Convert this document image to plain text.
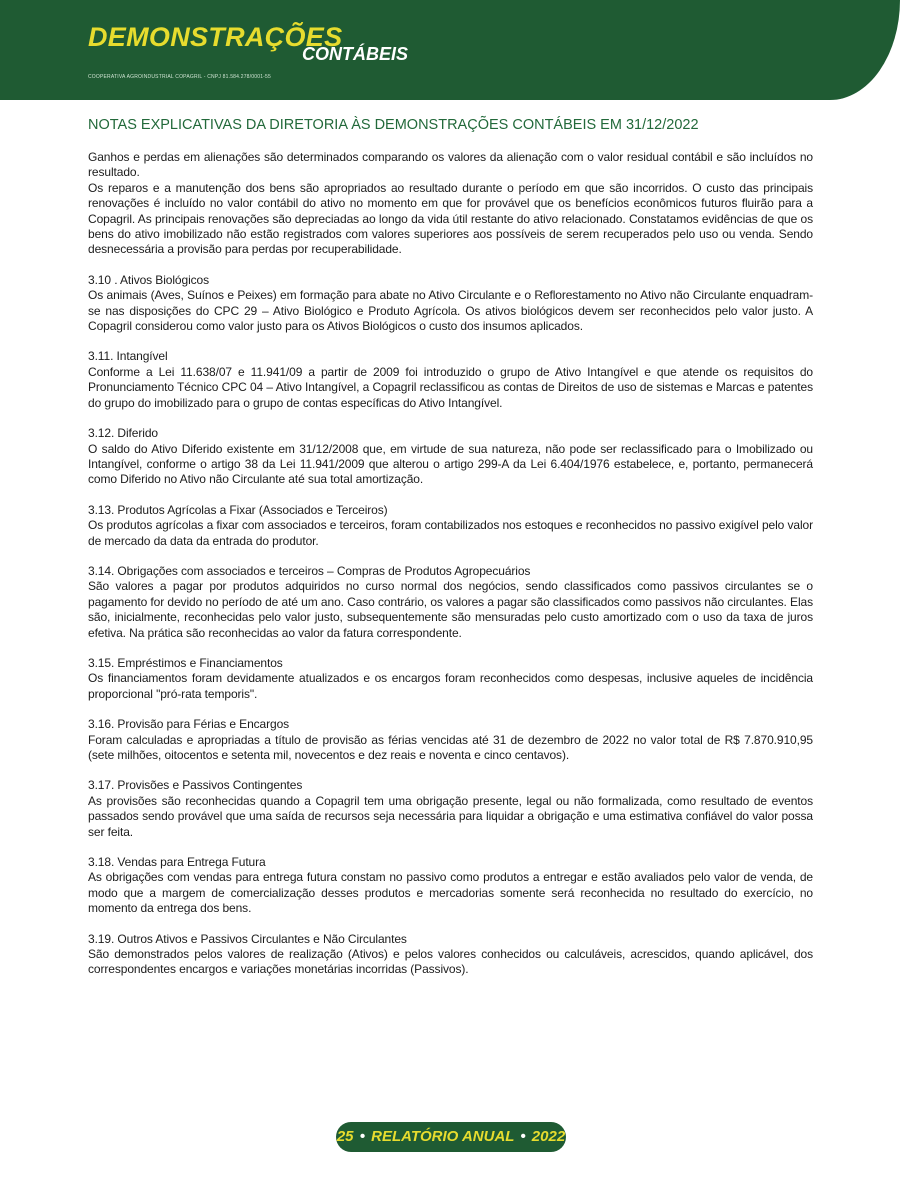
DEMONSTRAÇÕES
CONTÁBEIS
COOPERATIVA AGROINDUSTRIAL COPAGRIL - CNPJ 81.584.278/0001-55
NOTAS EXPLICATIVAS DA DIRETORIA ÀS DEMONSTRAÇÕES CONTÁBEIS EM 31/12/2022

Ganhos e perdas em alienações são determinados comparando os valores da alienação com o valor residual contábil e são incluídos no resultado.

Os reparos e a manutenção dos bens são apropriados ao resultado durante o período em que são incorridos. O custo das principais renovações é incluído no valor contábil do ativo no momento em que for provável que os benefícios econômicos futuros fluirão para a Copagril. As principais renovações são depreciadas ao longo da vida útil restante do ativo relacionado. Constatamos evidências de que os bens do ativo imobilizado não estão registrados com valores superiores aos possíveis de serem recuperados pelo uso ou venda. Sendo desnecessária a provisão para perdas por recuperabilidade.

3.10 . Ativos Biológicos

Os animais (Aves, Suínos e Peixes) em formação para abate no Ativo Circulante e o Reflorestamento no Ativo não Circulante enquadram-se nas disposições do CPC 29 – Ativo Biológico e Produto Agrícola. Os ativos biológicos devem ser reconhecidos pelo valor justo. A Copagril considerou como valor justo para os Ativos Biológicos o custo dos insumos aplicados.

3.11. Intangível

Conforme a Lei 11.638/07 e 11.941/09 a partir de 2009 foi introduzido o grupo de Ativo Intangível e que atende os requisitos do Pronunciamento Técnico CPC 04 – Ativo Intangível, a Copagril reclassificou as contas de Direitos de uso de sistemas e Marcas e patentes do grupo do imobilizado para o grupo de contas específicas do Ativo Intangível.

3.12. Diferido

O saldo do Ativo Diferido existente em 31/12/2008 que, em virtude de sua natureza, não pode ser reclassificado para o Imobilizado ou Intangível, conforme o artigo 38 da Lei 11.941/2009 que alterou o artigo 299-A da Lei 6.404/1976 estabelece, e, portanto, permanecerá como Diferido no Ativo não Circulante até sua total amortização.

3.13. Produtos Agrícolas a Fixar (Associados e Terceiros)

Os produtos agrícolas a fixar com associados e terceiros, foram contabilizados nos estoques e reconhecidos no passivo exigível pelo valor de mercado da data da entrada do produtor.

3.14. Obrigações com associados e terceiros – Compras de Produtos Agropecuários

São valores a pagar por produtos adquiridos no curso normal dos negócios, sendo classificados como passivos circulantes se o pagamento for devido no período de até um ano. Caso contrário, os valores a pagar são classificados como passivos não circulantes. Elas são, inicialmente, reconhecidas pelo valor justo, subsequentemente são mensuradas pelo custo amortizado com o uso da taxa de juros efetiva. Na prática são reconhecidas ao valor da fatura correspondente.

3.15. Empréstimos e Financiamentos

Os financiamentos foram devidamente atualizados e os encargos foram reconhecidos como despesas, inclusive aqueles de incidência proporcional "pró-rata temporis".

3.16. Provisão para Férias e Encargos

Foram calculadas e apropriadas a título de provisão as férias vencidas até 31 de dezembro de 2022 no valor total de R$ 7.870.910,95 (sete milhões, oitocentos e setenta mil, novecentos e dez reais e noventa e cinco centavos).

3.17. Provisões e Passivos Contingentes

As provisões são reconhecidas quando a Copagril tem uma obrigação presente, legal ou não formalizada, como resultado de eventos passados sendo provável que uma saída de recursos seja necessária para liquidar a obrigação e uma estimativa confiável do valor possa ser feita.

3.18. Vendas para Entrega Futura

As obrigações com vendas para entrega futura constam no passivo como produtos a entregar e estão avaliados pelo valor de venda, de modo que a margem de comercialização desses produtos e mercadorias somente será reconhecida no resultado do exercício, no momento da entrega dos bens.

3.19. Outros Ativos e Passivos Circulantes e Não Circulantes

São demonstrados pelos valores de realização (Ativos) e pelos valores conhecidos ou calculáveis, acrescidos, quando aplicável, dos correspondentes encargos e variações monetárias incorridas (Passivos).

25 • RELATÓRIO ANUAL • 2022
